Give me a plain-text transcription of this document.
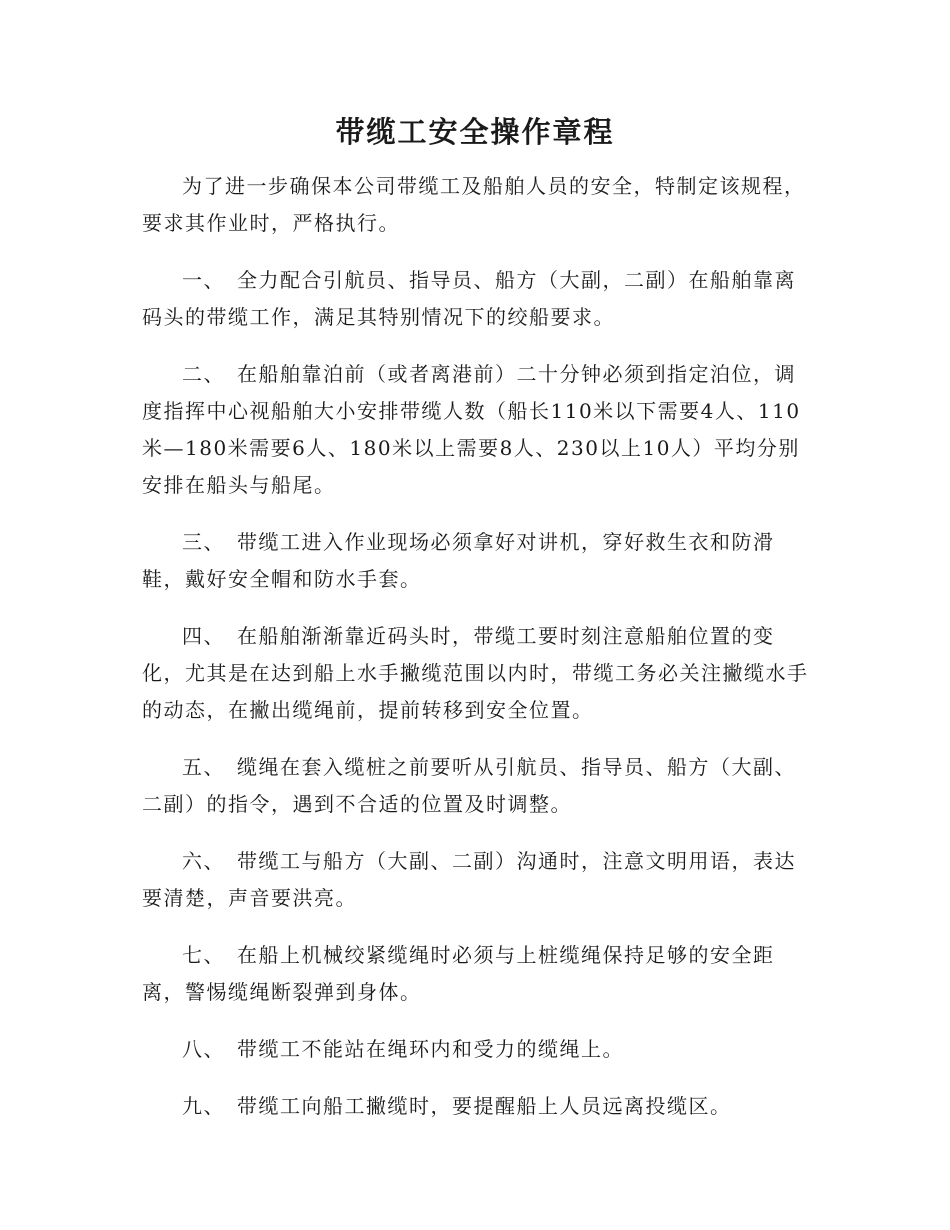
带缆工安全操作章程

为了进一步确保本公司带缆工及船舶人员的安全，特制定该规程，要求其作业时，严格执行。

一、 全力配合引航员、指导员、船方（大副，二副）在船舶靠离码头的带缆工作，满足其特别情况下的绞船要求。

二、 在船舶靠泊前（或者离港前）二十分钟必须到指定泊位，调度指挥中心视船舶大小安排带缆人数（船长110米以下需要4人、110米—180米需要6人、180米以上需要8人、230以上10人）平均分别安排在船头与船尾。

三、 带缆工进入作业现场必须拿好对讲机，穿好救生衣和防滑鞋，戴好安全帽和防水手套。

四、 在船舶渐渐靠近码头时，带缆工要时刻注意船舶位置的变化，尤其是在达到船上水手撇缆范围以内时，带缆工务必关注撇缆水手的动态，在撇出缆绳前，提前转移到安全位置。

五、 缆绳在套入缆桩之前要听从引航员、指导员、船方（大副、二副）的指令，遇到不合适的位置及时调整。

六、 带缆工与船方（大副、二副）沟通时，注意文明用语，表达要清楚，声音要洪亮。

七、 在船上机械绞紧缆绳时必须与上桩缆绳保持足够的安全距离，警惕缆绳断裂弹到身体。

八、 带缆工不能站在绳环内和受力的缆绳上。

九、 带缆工向船工撇缆时，要提醒船上人员远离投缆区。
